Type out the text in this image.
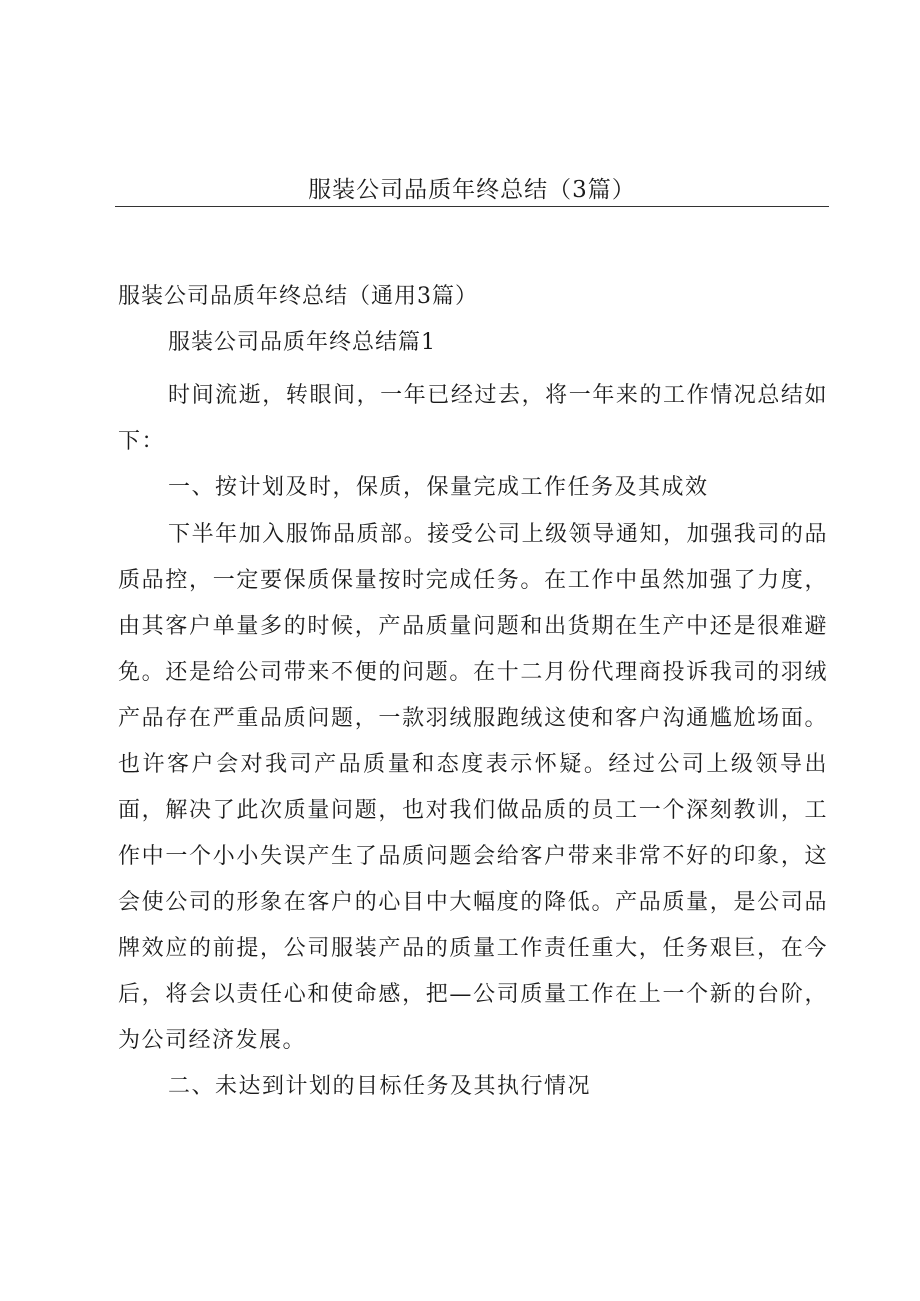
服装公司品质年终总结（3篇）
服装公司品质年终总结（通用3篇）
服装公司品质年终总结篇1

时间流逝，转眼间，一年已经过去，将一年来的工作情况总结如下：

一、按计划及时，保质，保量完成工作任务及其成效

下半年加入服饰品质部。接受公司上级领导通知，加强我司的品质品控，一定要保质保量按时完成任务。在工作中虽然加强了力度，由其客户单量多的时候，产品质量问题和出货期在生产中还是很难避免。还是给公司带来不便的问题。在十二月份代理商投诉我司的羽绒产品存在严重品质问题，一款羽绒服跑绒这使和客户沟通尴尬场面。也许客户会对我司产品质量和态度表示怀疑。经过公司上级领导出面，解决了此次质量问题，也对我们做品质的员工一个深刻教训，工作中一个小小失误产生了品质问题会给客户带来非常不好的印象，这会使公司的形象在客户的心目中大幅度的降低。产品质量，是公司品牌效应的前提，公司服装产品的质量工作责任重大，任务艰巨，在今后，将会以责任心和使命感，把—公司质量工作在上一个新的台阶，为公司经济发展。

二、未达到计划的目标任务及其执行情况
